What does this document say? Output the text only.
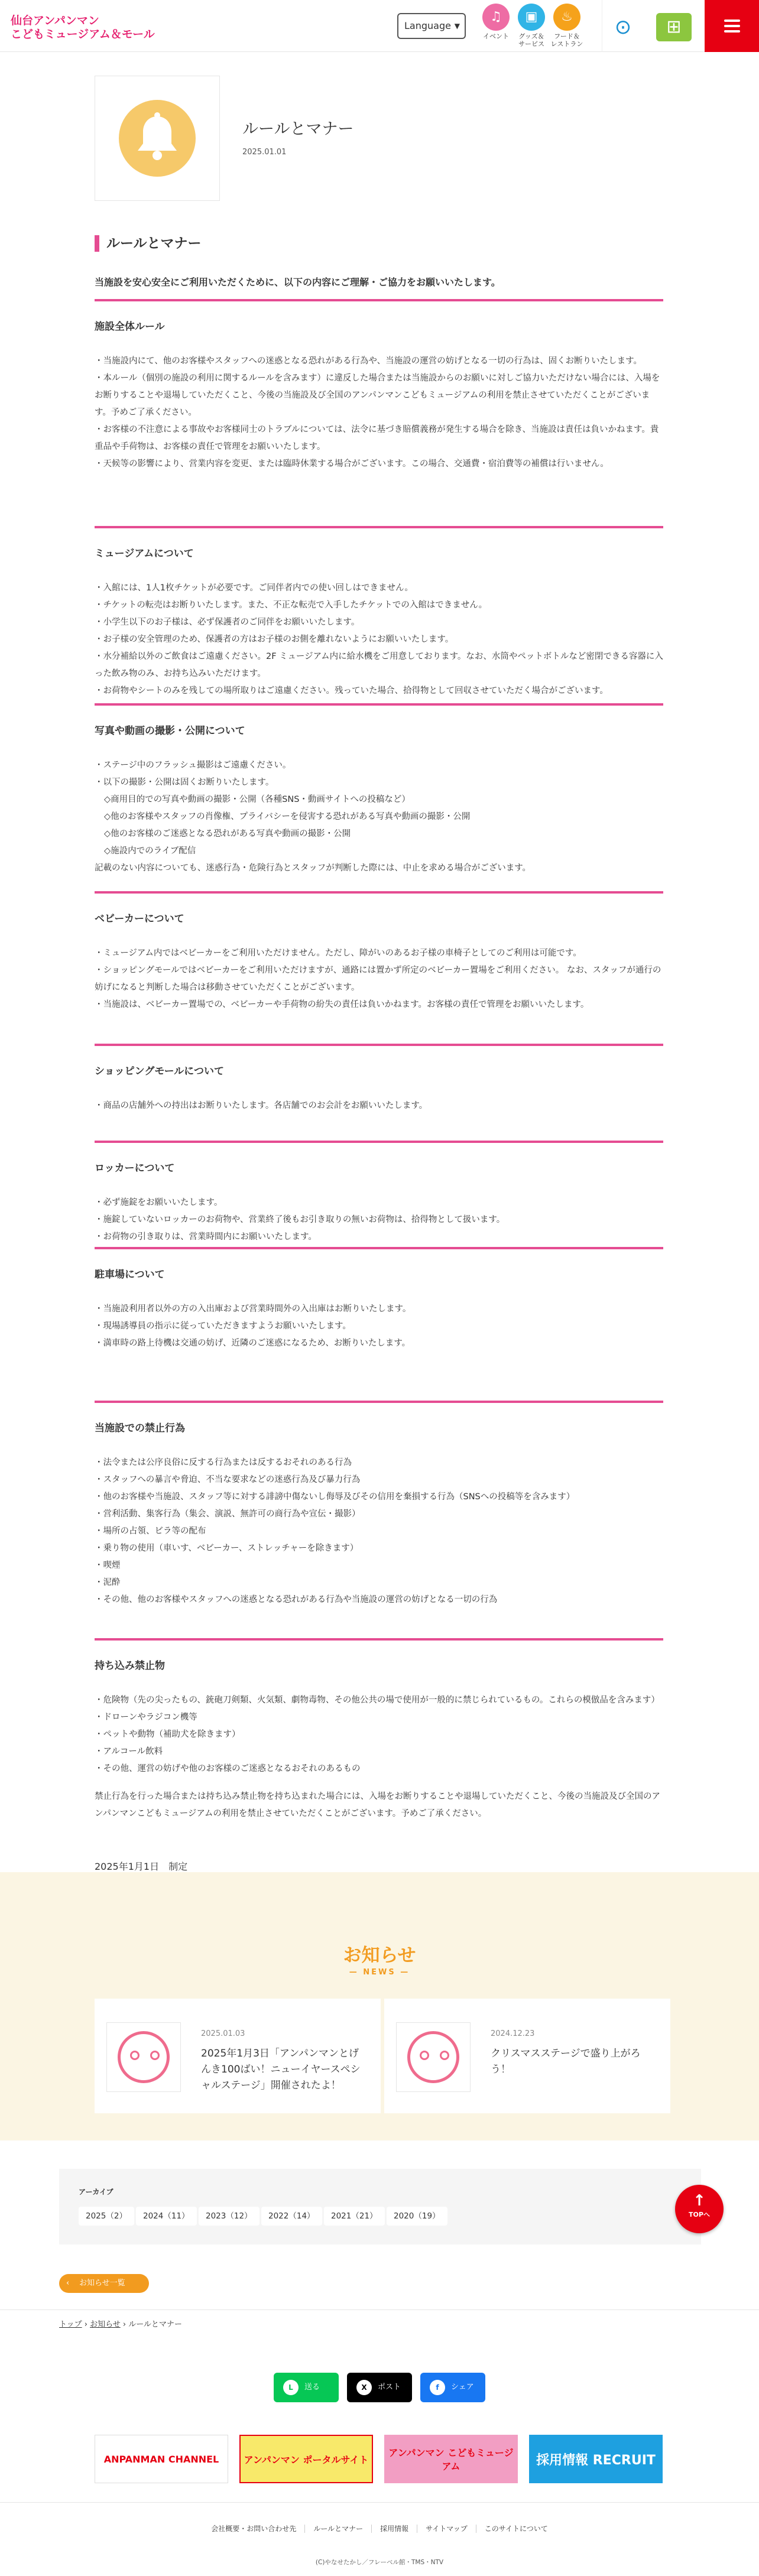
仙台アンパンマン
こどもミュージアム＆モール
Language ▼
♫
イベント
▣
グッズ＆
サービス
♨
フード＆
レストラン
⊙	⊞
ルールとマナー
2025.01.01
ルールとマナー
当施設を安心安全にご利用いただくために、以下の内容にご理解・ご協力をお願いいたします。
施設全体ルール

・当施設内にて、他のお客様やスタッフへの迷惑となる恐れがある行為や、当施設の運営の妨げとなる一切の行為は、固くお断りいたします。

・本ルール（個別の施設の利用に関するルールを含みます）に違反した場合または当施設からのお願いに対しご協力いただけない場合には、入場をお断りすることや退場していただくこと、今後の当施設及び全国のアンパンマンこどもミュージアムの利用を禁止させていただくことがございます。予めご了承ください。

・お客様の不注意による事故やお客様同士のトラブルについては、法令に基づき賠償義務が発生する場合を除き、当施設は責任は負いかねます。貴重品や手荷物は、お客様の責任で管理をお願いいたします。

・天候等の影響により、営業内容を変更、または臨時休業する場合がございます。この場合、交通費・宿泊費等の補償は行いません。

ミュージアムについて

・入館には、1人1枚チケットが必要です。ご同伴者内での使い回しはできません。

・チケットの転売はお断りいたします。また、不正な転売で入手したチケットでの入館はできません。

・小学生以下のお子様は、必ず保護者のご同伴をお願いいたします。

・お子様の安全管理のため、保護者の方はお子様のお側を離れないようにお願いいたします。

・水分補給以外のご飲食はご遠慮ください。2F ミュージアム内に給水機をご用意しております。なお、水筒やペットボトルなど密閉できる容器に入った飲み物のみ、お持ち込みいただけます。

・お荷物やシートのみを残しての場所取りはご遠慮ください。残っていた場合、拾得物として回収させていただく場合がございます。

写真や動画の撮影・公開について

・ステージ中のフラッシュ撮影はご遠慮ください。

・以下の撮影・公開は固くお断りいたします。

◇商用目的での写真や動画の撮影・公開（各種SNS・動画サイトへの投稿など）

◇他のお客様やスタッフの肖像権、プライバシーを侵害する恐れがある写真や動画の撮影・公開

◇他のお客様のご迷惑となる恐れがある写真や動画の撮影・公開

◇施設内でのライブ配信

記載のない内容についても、迷惑行為・危険行為とスタッフが判断した際には、中止を求める場合がございます。

ベビーカーについて

・ミュージアム内ではベビーカーをご利用いただけません。ただし、障がいのあるお子様の車椅子としてのご利用は可能です。

・ショッピングモールではベビーカーをご利用いただけますが、通路には置かず所定のベビーカー置場をご利用ください。 なお、スタッフが通行の妨げになると判断した場合は移動させていただくことがございます。

・当施設は、ベビーカー置場での、ベビーカーや手荷物の紛失の責任は負いかねます。お客様の責任で管理をお願いいたします。

ショッピングモールについて

・商品の店舗外への持出はお断りいたします。各店舗でのお会計をお願いいたします。

ロッカーについて

・必ず施錠をお願いいたします。

・施錠していないロッカーのお荷物や、営業終了後もお引き取りの無いお荷物は、拾得物として扱います。

・お荷物の引き取りは、営業時間内にお願いいたします。

駐車場について

・当施設利用者以外の方の入出庫および営業時間外の入出庫はお断りいたします。

・現場誘導員の指示に従っていただきますようお願いいたします。

・満車時の路上待機は交通の妨げ、近隣のご迷惑になるため、お断りいたします。

当施設での禁止行為

・法令または公序良俗に反する行為または反するおそれのある行為

・スタッフへの暴言や脅迫、不当な要求などの迷惑行為及び暴力行為

・他のお客様や当施設、スタッフ等に対する誹謗中傷ないし侮辱及びその信用を棄損する行為（SNSへの投稿等を含みます）

・営利活動、集客行為（集会、演説、無許可の商行為や宣伝・撮影）

・場所の占領、ビラ等の配布

・乗り物の使用（車いす、ベビーカー、ストレッチャーを除きます）

・喫煙

・泥酔

・その他、他のお客様やスタッフへの迷惑となる恐れがある行為や当施設の運営の妨げとなる一切の行為

持ち込み禁止物

・危険物（先の尖ったもの、銃砲刀剣類、火気類、劇物毒物、その他公共の場で使用が一般的に禁じられているもの。これらの模倣品を含みます）

・ドローンやラジコン機等

・ペットや動物（補助犬を除きます）

・アルコール飲料

・その他、運営の妨げや他のお客様のご迷惑となるおそれのあるもの

禁止行為を行った場合または持ち込み禁止物を持ち込まれた場合には、入場をお断りすることや退場していただくこと、今後の当施設及び全国のアンパンマンこどもミュージアムの利用を禁止させていただくことがございます。予めご了承ください。

2025年1月1日　制定
お知らせ
— NEWS —
2025.01.03
2025年1月3日「アンパンマンとげんき100ばい！ニューイヤースペシャルステージ」開催されたよ！
2024.12.23
クリスマスステージで盛り上がろう！
アーカイブ
2025（2）	2024（11）	2023（12）	2022（14）	2021（21）	2020（19）
↑
TOPへ
‹ お知らせ一覧
トップ › お知らせ › ルールとマナー
L 送る	X ポスト	f シェア
ANPANMAN CHANNEL	アンパンマン ポータルサイト
アンパンマン こどもミュージアム	採用情報 RECRUIT
会社概要・お問い合わせ先 ルールとマナー 採用情報 サイトマップ このサイトについて
(C)やなせたかし／フレーベル館・TMS・NTV
